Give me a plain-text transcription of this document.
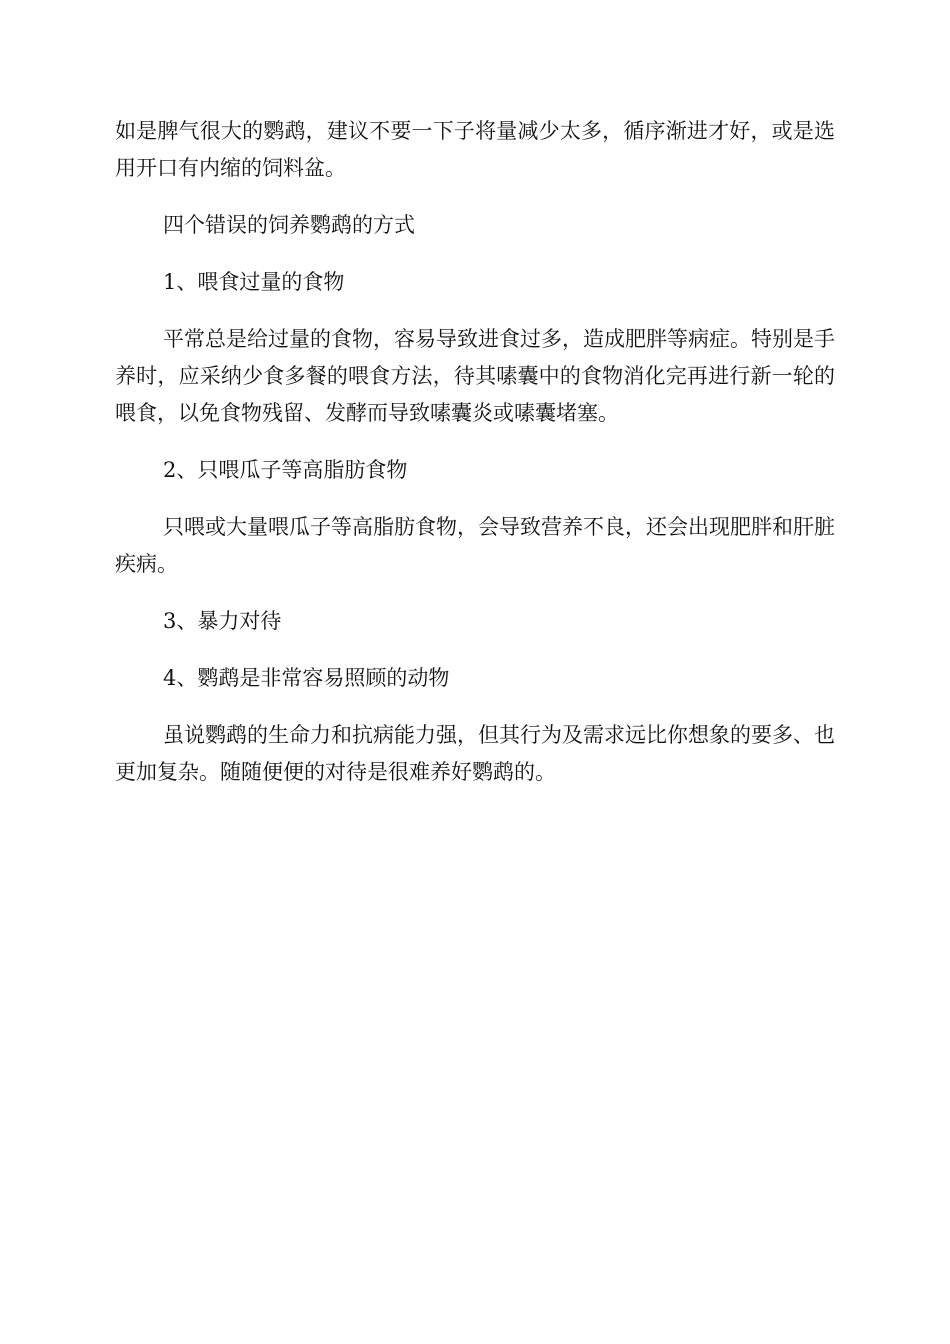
如是脾气很大的鹦鹉，建议不要一下子将量减少太多，循序渐进才好，或是选用开口有内缩的饲料盆。

四个错误的饲养鹦鹉的方式

1、喂食过量的食物

平常总是给过量的食物，容易导致进食过多，造成肥胖等病症。特别是手养时，应采纳少食多餐的喂食方法，待其嗉囊中的食物消化完再进行新一轮的喂食，以免食物残留、发酵而导致嗉囊炎或嗉囊堵塞。

2、只喂瓜子等高脂肪食物

只喂或大量喂瓜子等高脂肪食物，会导致营养不良，还会出现肥胖和肝脏疾病。

3、暴力对待

4、鹦鹉是非常容易照顾的动物

虽说鹦鹉的生命力和抗病能力强，但其行为及需求远比你想象的要多、也更加复杂。随随便便的对待是很难养好鹦鹉的。
